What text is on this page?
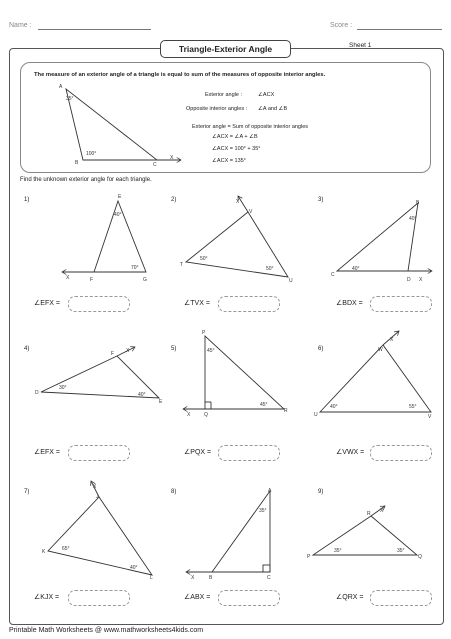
Name :	Score :
Triangle-Exterior Angle	Sheet 1
The measure of an exterior angle of a triangle is equal to sum of the measures of opposite interior angles.
Exterior angle :	∠ACX
Opposite interior angles : ∠A and ∠B
Exterior angle = Sum of opposite interior angles
∠ACX = ∠A + ∠B
∠ACX = 100° + 35°
∠ACX = 135°
Find the unknown exterior angle for each triangle.
1)	2)	3)
4)	5)	6)
7)	8)	9)
∠EFX =	∠TVX =	∠BDX =
∠EFX =	∠PQX =	∠VWX =
∠KJX =	∠ABX =	∠QRX =
Printable Math Worksheets @ www.mathworksheets4kids.com
A
B	C
X
35°
100°
E
F	G
X
40°
70°
V
T
U
X
50°
50°
B
C
D X
40°
40°
F
D
E
X
30°
40°
P
Q
R
X
45°
45°
W
U	V
X
40°	55°
J
K
L
X
65°
40°
A
B	C
X
35°	R
P	Q
X
35°	35°
